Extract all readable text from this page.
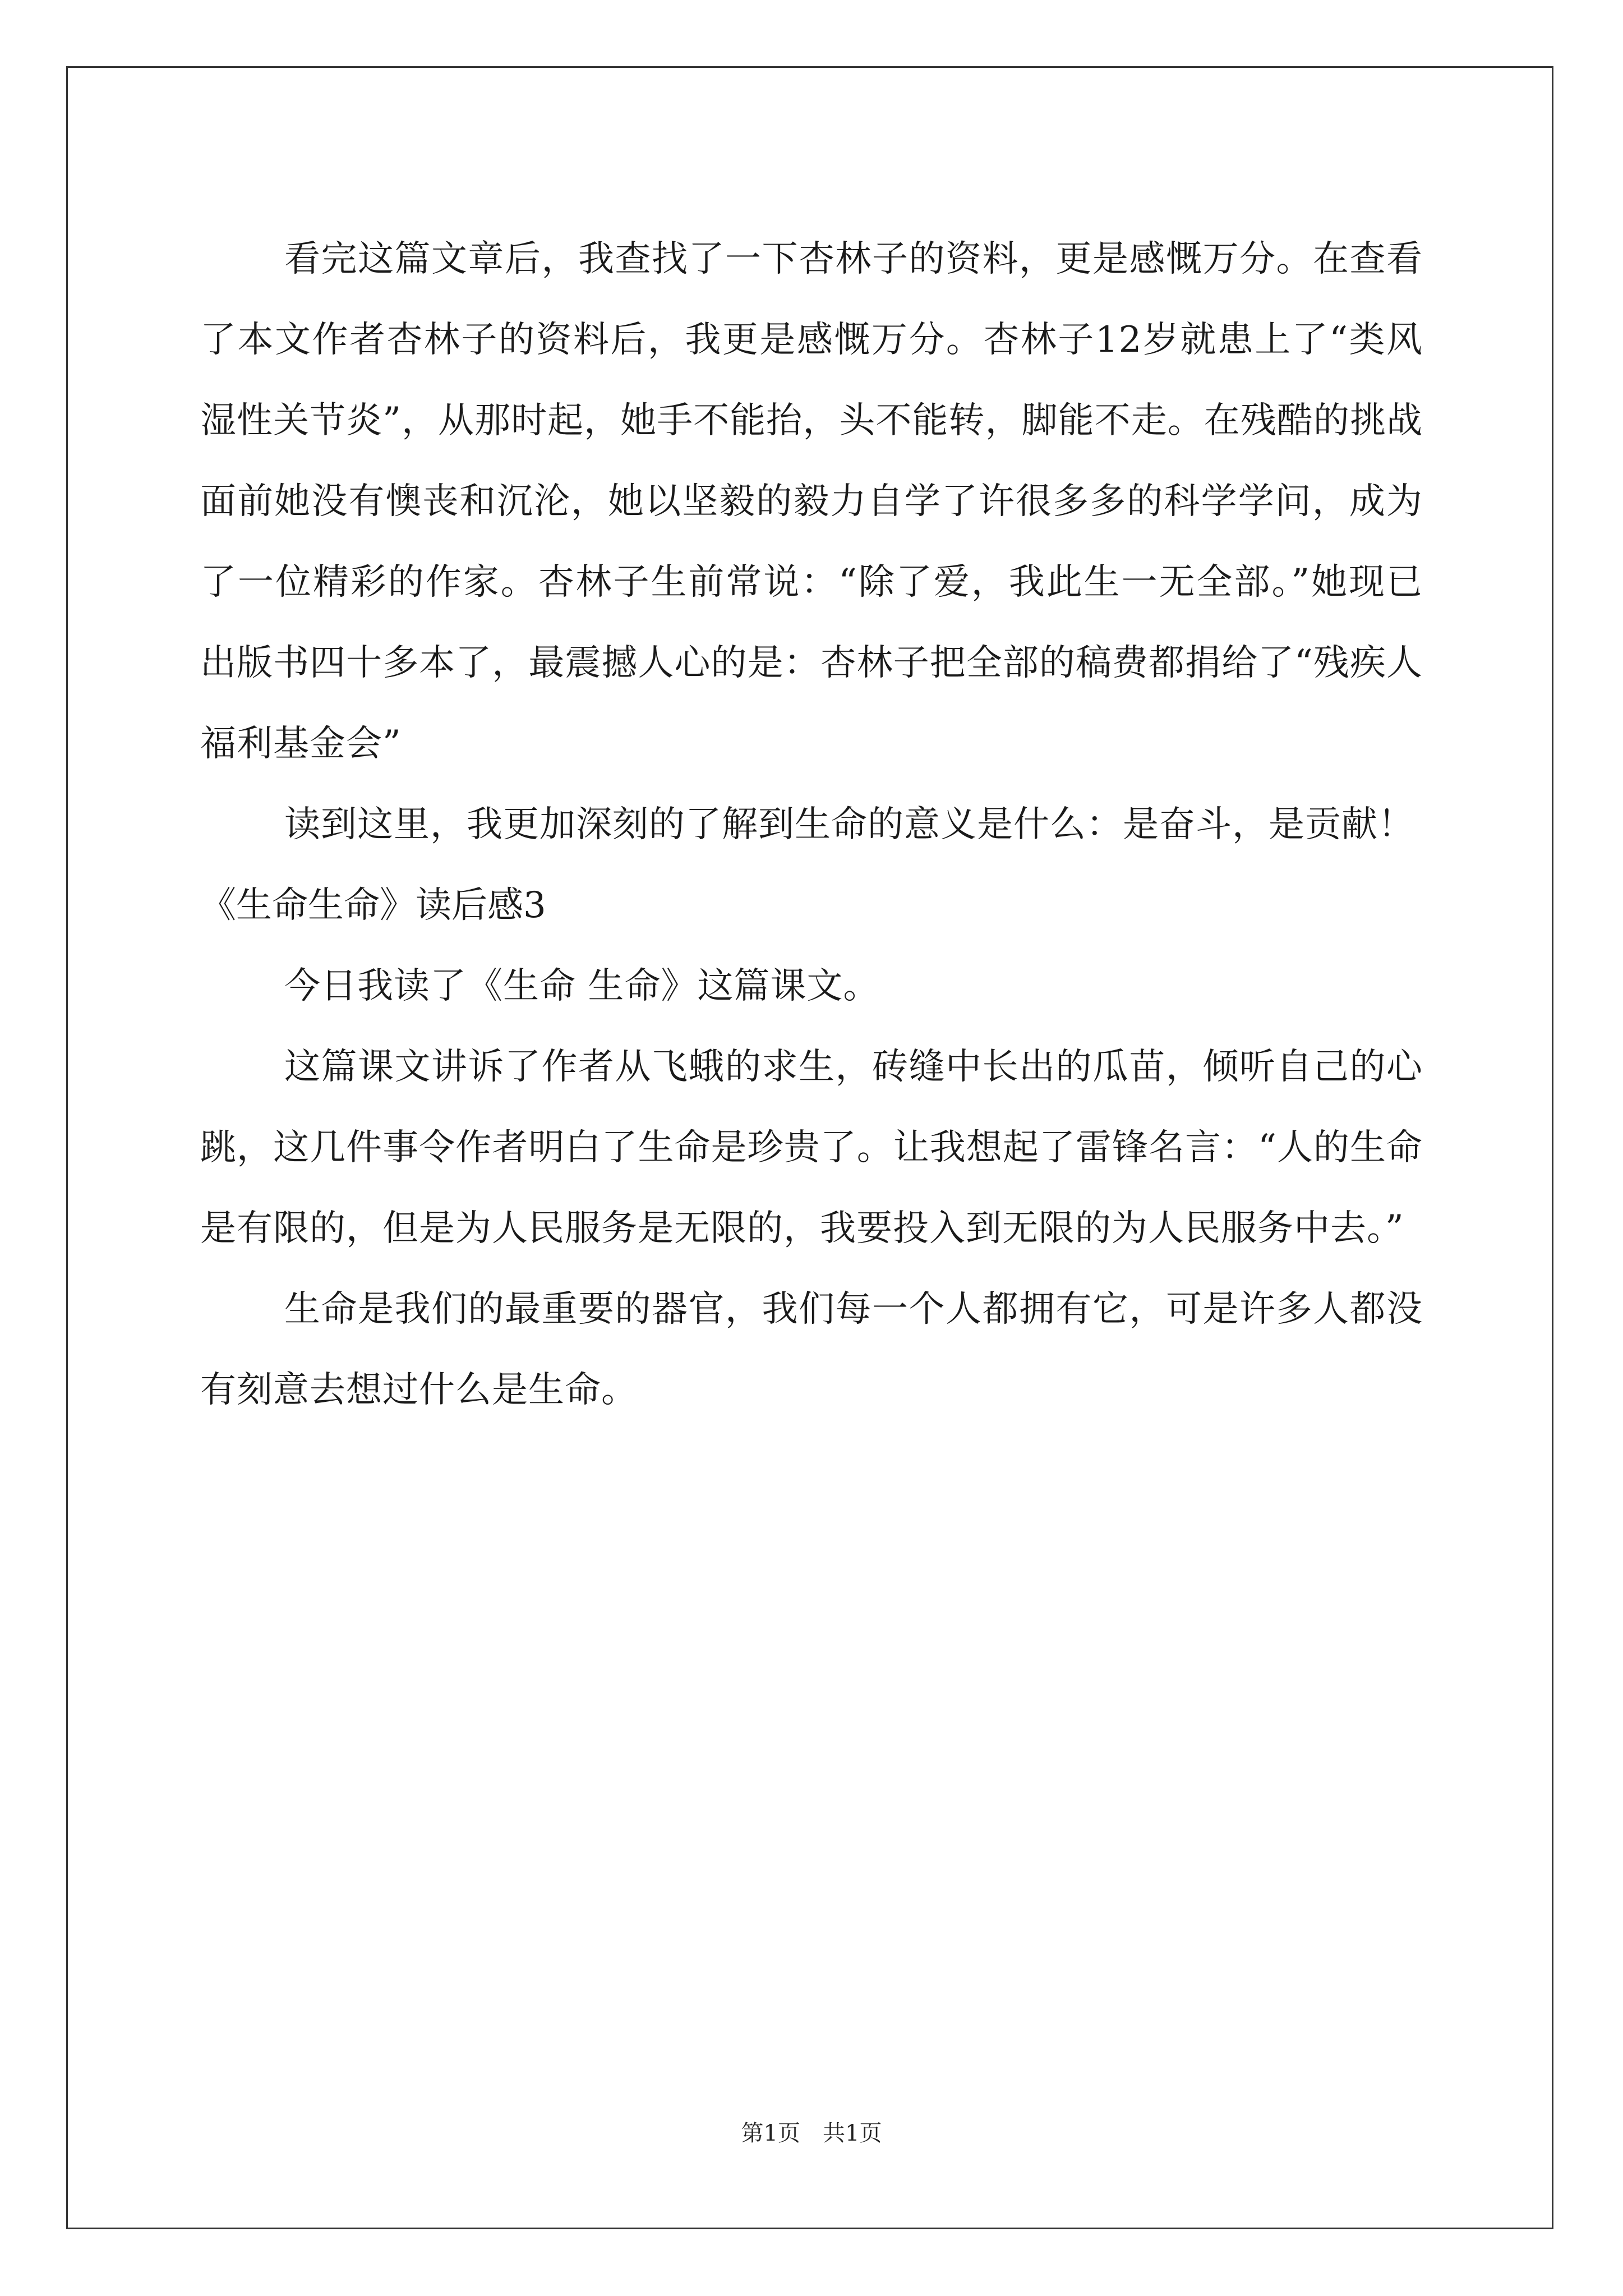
看完这篇文章后，我查找了一下杏林子的资料，更是感慨万分。在查看了本文作者杏林子的资料后，我更是感慨万分。杏林子12岁就患上了“类风湿性关节炎”，从那时起，她手不能抬，头不能转，脚能不走。在残酷的挑战面前她没有懊丧和沉沦，她以坚毅的毅力自学了许很多多的科学学问，成为了一位精彩的作家。杏林子生前常说：“除了爱，我此生一无全部。”她现已出版书四十多本了，最震撼人心的是：杏林子把全部的稿费都捐给了“残疾人福利基金会”

读到这里，我更加深刻的了解到生命的意义是什么：是奋斗，是贡献！

《生命生命》读后感3

今日我读了《生命 生命》这篇课文。

这篇课文讲诉了作者从飞蛾的求生，砖缝中长出的瓜苗，倾听自己的心跳，这几件事令作者明白了生命是珍贵了。让我想起了雷锋名言：“人的生命是有限的，但是为人民服务是无限的，我要投入到无限的为人民服务中去。”

生命是我们的最重要的器官，我们每一个人都拥有它，可是许多人都没有刻意去想过什么是生命。

第1页 共1页
